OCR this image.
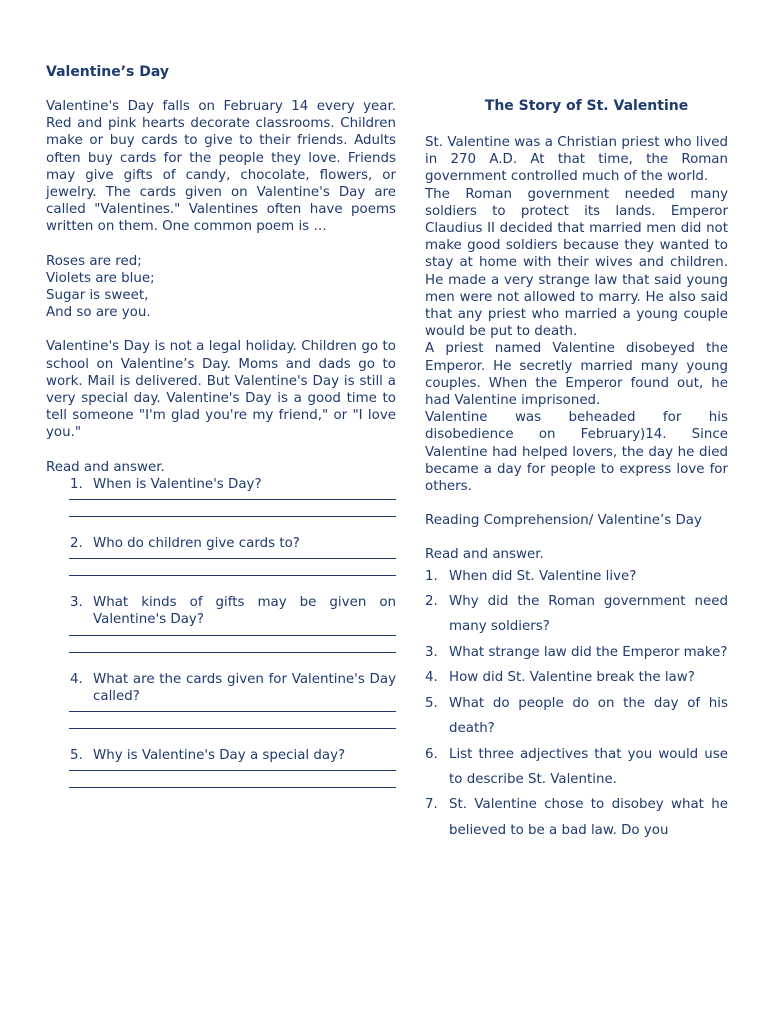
Valentine’s Day

Valentine's Day falls on February 14 every year. Red and pink hearts decorate classrooms. Children make or buy cards to give to their friends. Adults often buy cards for the people they love. Friends may give gifts of candy, chocolate, flowers, or jewelry. The cards given on Valentine's Day are called "Valentines." Valentines often have poems written on them. One common poem is …

Roses are red;

Violets are blue;

Sugar is sweet,

And so are you.

Valentine's Day is not a legal holiday. Children go to school on Valentine’s Day. Moms and dads go to work. Mail is delivered. But Valentine's Day is still a very special day. Valentine's Day is a good time to tell someone "I'm glad you're my friend," or "I love you."

Read and answer.

1. When is Valentine's Day?
2. Who do children give cards to?
3. What kinds of gifts may be given on Valentine's Day?
4. What are the cards given for Valentine's Day called?
5. Why is Valentine's Day a special day?
The Story of St. Valentine

St. Valentine was a Christian priest who lived in 270 A.D. At that time, the Roman government controlled much of the world.

The Roman government needed many soldiers to protect its lands. Emperor Claudius II decided that married men did not make good soldiers because they wanted to stay at home with their wives and children. He made a very strange law that said young men were not allowed to marry. He also said that any priest who married a young couple would be put to death.

A priest named Valentine disobeyed the Emperor. He secretly married many young couples. When the Emperor found out, he had Valentine imprisoned.

Valentine was beheaded for his disobedience on February)14. Since Valentine had helped lovers, the day he died became a day for people to express love for others.

Reading Comprehension/ Valentine’s Day

Read and answer.

1. When did St. Valentine live?
2. Why did the Roman government need many soldiers?
3. What strange law did the Emperor make?
4. How did St. Valentine break the law?
5. What do people do on the day of his death?
6. List three adjectives that you would use to describe St. Valentine.
7. St. Valentine chose to disobey what he believed to be a bad law. Do you
